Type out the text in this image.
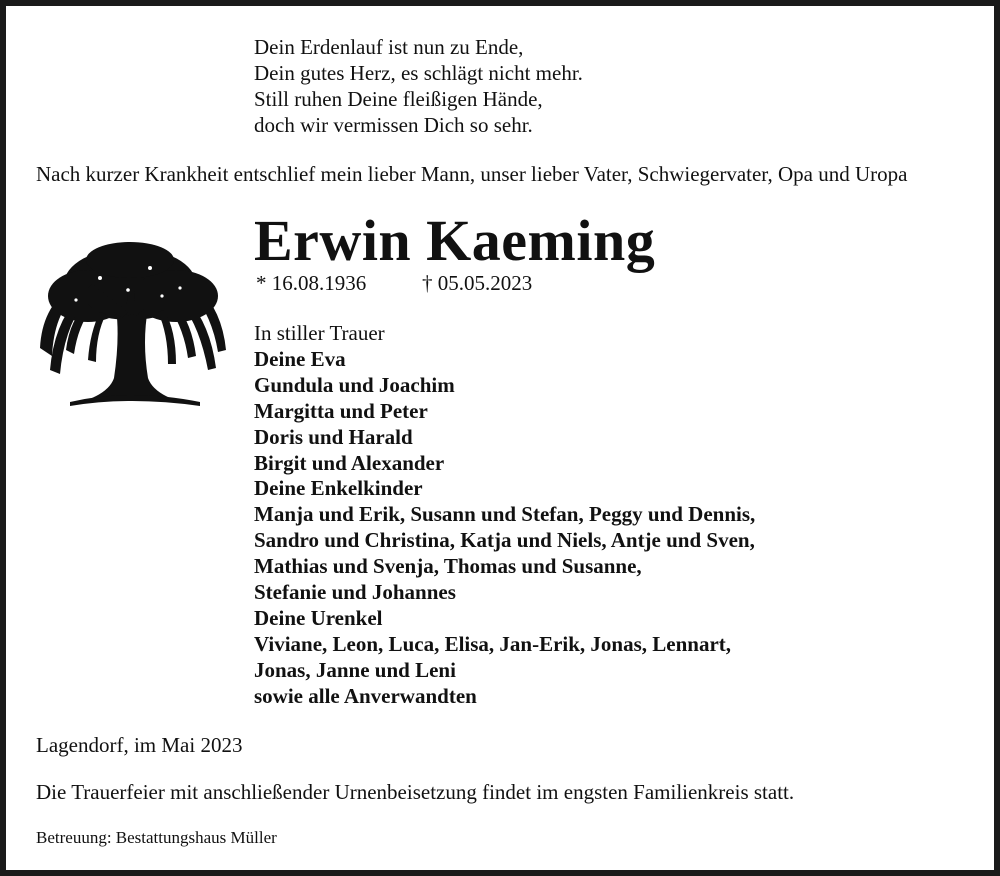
Dein Erdenlauf ist nun zu Ende,
Dein gutes Herz, es schlägt nicht mehr.
Still ruhen Deine fleißigen Hände,
doch wir vermissen Dich so sehr.
Nach kurzer Krankheit entschlief mein lieber Mann, unser lieber Vater, Schwiegervater, Opa und Uropa
Erwin Kaeming
* 16.08.1936	† 05.05.2023
In stiller Trauer
Deine Eva
Gundula und Joachim
Margitta und Peter
Doris und Harald
Birgit und Alexander
Deine Enkelkinder
Manja und Erik, Susann und Stefan, Peggy und Dennis,
Sandro und Christina, Katja und Niels, Antje und Sven,
Mathias und Svenja, Thomas und Susanne,
Stefanie und Johannes
Deine Urenkel
Viviane, Leon, Luca, Elisa, Jan-Erik, Jonas, Lennart,
Jonas, Janne und Leni
sowie alle Anverwandten
Lagendorf, im Mai 2023
Die Trauerfeier mit anschließender Urnenbeisetzung findet im engsten Familienkreis statt.
Betreuung: Bestattungshaus Müller
